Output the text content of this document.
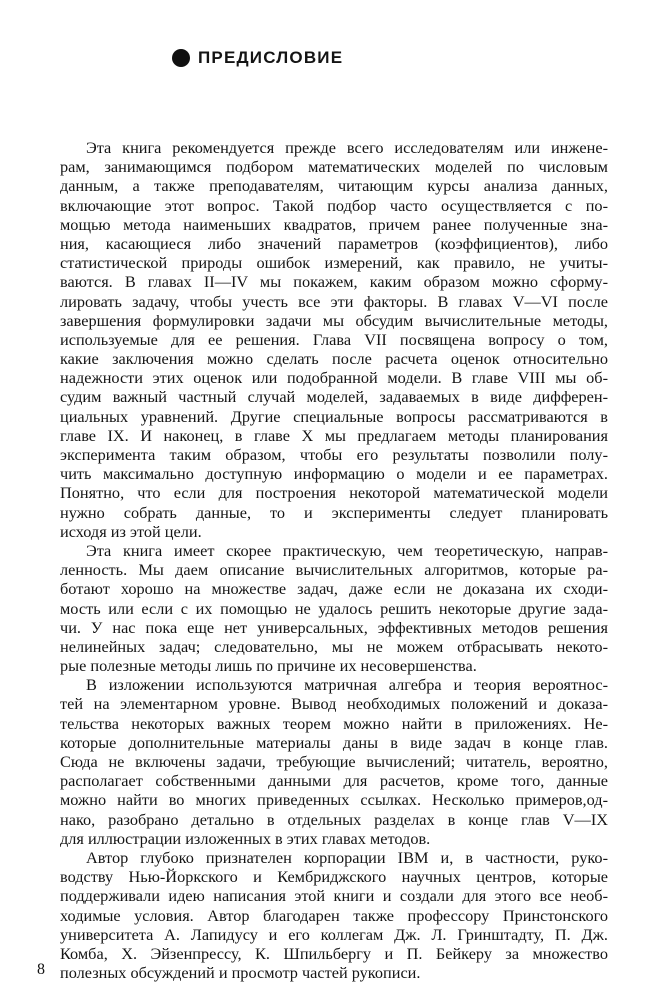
ПРЕДИСЛОВИЕ
Эта книга рекомендуется прежде всего исследователям или инжене-
рам, занимающимся подбором математических моделей по числовым
данным, а также преподавателям, читающим курсы анализа данных,
включающие этот вопрос. Такой подбор часто осуществляется с по-
мощью метода наименьших квадратов, причем ранее полученные зна-
ния, касающиеся либо значений параметров (коэффициентов), либо
статистической природы ошибок измерений, как правило, не учиты-
ваются. В главах II—IV мы покажем, каким образом можно сформу-
лировать задачу, чтобы учесть все эти факторы. В главах V—VI после
завершения формулировки задачи мы обсудим вычислительные методы,
используемые для ее решения. Глава VII посвящена вопросу о том,
какие заключения можно сделать после расчета оценок относительно
надежности этих оценок или подобранной модели. В главе VIII мы об-
судим важный частный случай моделей, задаваемых в виде дифферен-
циальных уравнений. Другие специальные вопросы рассматриваются в
главе IX. И наконец, в главе X мы предлагаем методы планирования
эксперимента таким образом, чтобы его результаты позволили полу-
чить максимально доступную информацию о модели и ее параметрах.
Понятно, что если для построения некоторой математической модели
нужно собрать данные, то и эксперименты следует планировать
исходя из этой цели.
Эта книга имеет скорее практическую, чем теоретическую, направ-
ленность. Мы даем описание вычислительных алгоритмов, которые ра-
ботают хорошо на множестве задач, даже если не доказана их сходи-
мость или если с их помощью не удалось решить некоторые другие зада-
чи. У нас пока еще нет универсальных, эффективных методов решения
нелинейных задач; следовательно, мы не можем отбрасывать некото-
рые полезные методы лишь по причине их несовершенства.
В изложении используются матричная алгебра и теория вероятнос-
тей на элементарном уровне. Вывод необходимых положений и доказа-
тельства некоторых важных теорем можно найти в приложениях. Не-
которые дополнительные материалы даны в виде задач в конце глав.
Сюда не включены задачи, требующие вычислений; читатель, вероятно,
располагает собственными данными для расчетов, кроме того, данные
можно найти во многих приведенных ссылках. Несколько примеров,од-
нако, разобрано детально в отдельных разделах в конце глав V—IX
для иллюстрации изложенных в этих главах методов.
Автор глубоко признателен корпорации IBM и, в частности, руко-
водству Нью-Йоркского и Кембриджского научных центров, которые
поддерживали идею написания этой книги и создали для этого все необ-
ходимые условия. Автор благодарен также профессору Принстонского
университета А. Лапидусу и его коллегам Дж. Л. Гринштадту, П. Дж.
Комба, Х. Эйзенпрессу, К. Шпильбергу и П. Бейкеру за множество
полезных обсуждений и просмотр частей рукописи.
8
